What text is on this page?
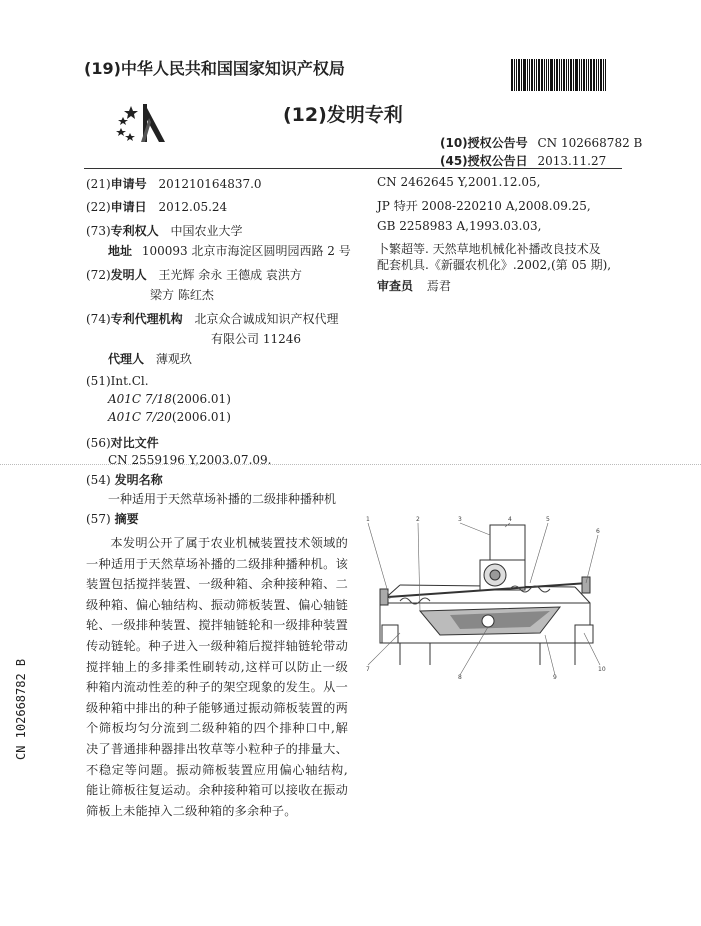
(19)中华人民共和国国家知识产权局
(12)发明专利
(10)授权公告号 CN 102668782 B
(45)授权公告日 2013.11.27
(21)申请号 201210164837.0
(22)申请日 2012.05.24
(73)专利权人 中国农业大学
地址 100093 北京市海淀区圆明园西路 2 号
(72)发明人 王光辉 余永 王德成 袁洪方
梁方 陈红杰
(74)专利代理机构 北京众合诚成知识产权代理
有限公司 11246
代理人 薄观玖
(51)Int.Cl.
A01C 7/18(2006.01)
A01C 7/20(2006.01)
(56)对比文件
CN 2559196 Y,2003.07.09.
CN 2462645 Y,2001.12.05,
JP 特开 2008-220210 A,2008.09.25,
GB 2258983 A,1993.03.03,
卜繁超等. 天然草地机械化补播改良技术及
配套机具.《新疆农机化》.2002,(第 05 期),
审查员 焉君
(54) 发明名称
一种适用于天然草场补播的二级排种播种机
(57) 摘要
本发明公开了属于农业机械装置技术领域的一种适用于天然草场补播的二级排种播种机。该装置包括搅拌装置、一级种箱、余种接种箱、二级种箱、偏心轴结构、振动筛板装置、偏心轴链轮、一级排种装置、搅拌轴链轮和一级排种装置传动链轮。种子进入一级种箱后搅拌轴链轮带动搅拌轴上的多排柔性刷转动,这样可以防止一级种箱内流动性差的种子的架空现象的发生。从一级种箱中排出的种子能够通过振动筛板装置的两个筛板均匀分流到二级种箱的四个排种口中,解决了普通排种器排出牧草等小粒种子的排量大、不稳定等问题。振动筛板装置应用偏心轴结构,能让筛板往复运动。余种接种箱可以接收在振动筛板上未能掉入二级种箱的多余种子。
CN 102668782 B
1	2	3	4	5
6
7
8	9
10
